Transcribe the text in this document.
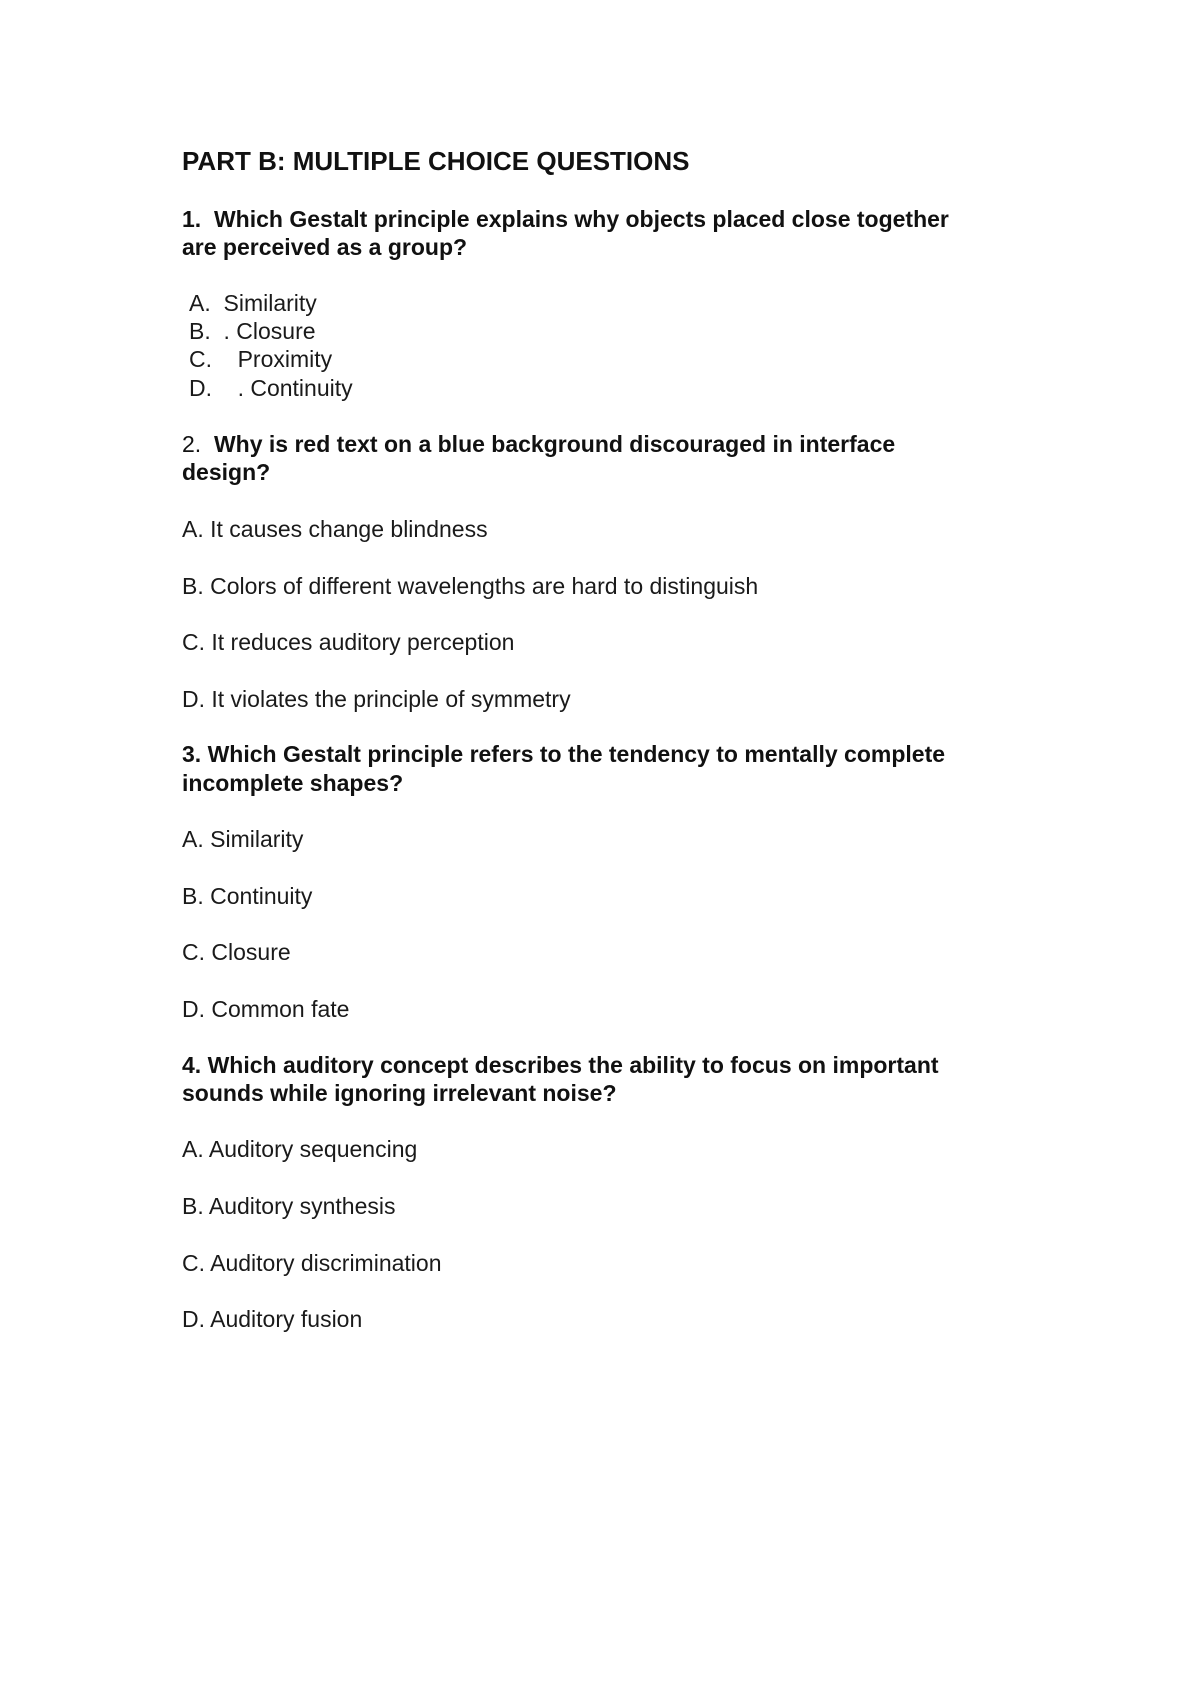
PART B: MULTIPLE CHOICE QUESTIONS
1. Which Gestalt principle explains why objects placed close together
are perceived as a group?
A. Similarity
B. . Closure
C. Proximity
D. . Continuity
2. Why is red text on a blue background discouraged in interface
design?
A. It causes change blindness
B. Colors of different wavelengths are hard to distinguish
C. It reduces auditory perception
D. It violates the principle of symmetry
3. Which Gestalt principle refers to the tendency to mentally complete
incomplete shapes?
A. Similarity
B. Continuity
C. Closure
D. Common fate
4. Which auditory concept describes the ability to focus on important
sounds while ignoring irrelevant noise?
A. Auditory sequencing
B. Auditory synthesis
C. Auditory discrimination
D. Auditory fusion
